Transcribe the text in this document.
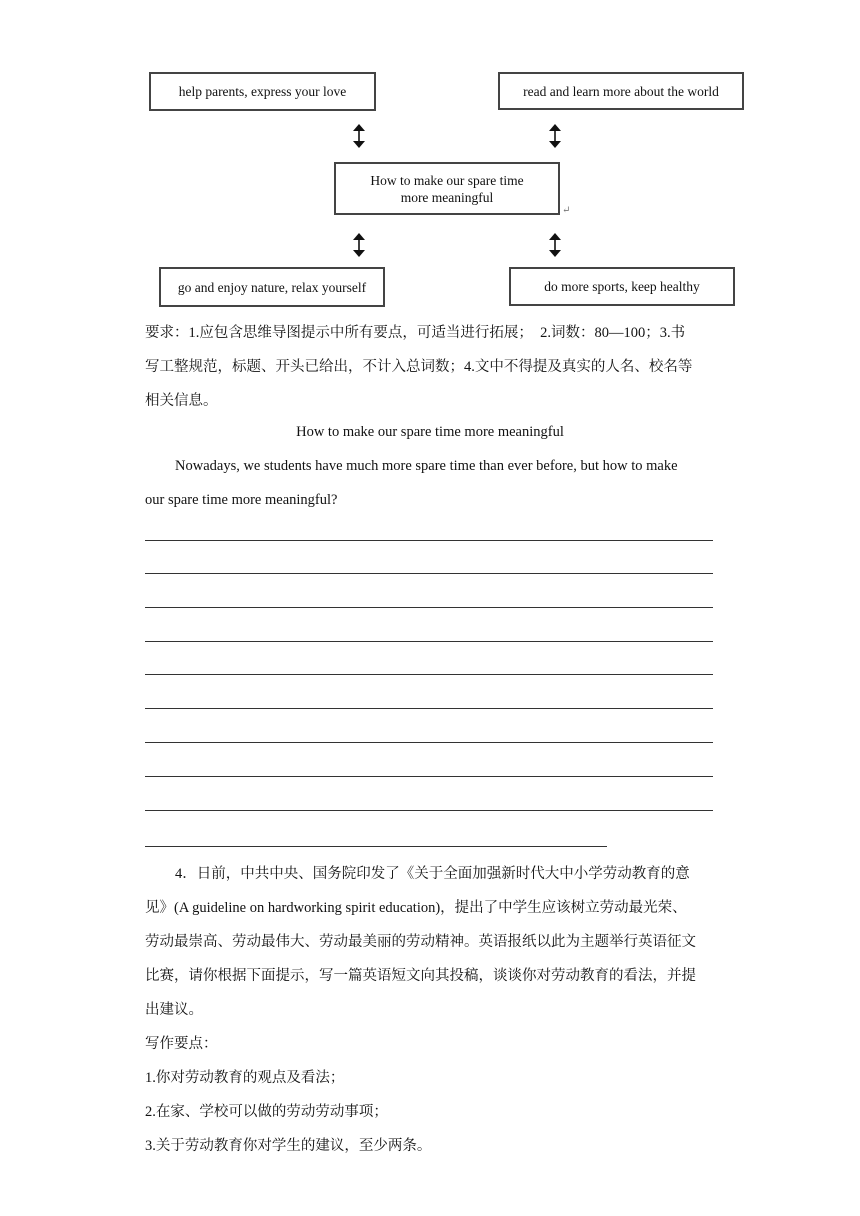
help parents, express your love	read and learn more about the world
How to make our spare time
more meaningful
↵
go and enjoy nature, relax yourself	do more sports, keep healthy
要求：1.应包含思维导图提示中所有要点，可适当进行拓展；　2.词数：80—100；3.书
写工整规范，标题、开头已给出，不计入总词数；4.文中不得提及真实的人名、校名等
相关信息。
How to make our spare time more meaningful
Nowadays, we students have much more spare time than ever before, but how to make
our spare time more meaningful?
4．日前，中共中央、国务院印发了《关于全面加强新时代大中小学劳动教育的意
见》(A guideline on hardworking spirit education)，提出了中学生应该树立劳动最光荣、
劳动最崇高、劳动最伟大、劳动最美丽的劳动精神。英语报纸以此为主题举行英语征文
比赛，请你根据下面提示，写一篇英语短文向其投稿，谈谈你对劳动教育的看法，并提
出建议。
写作要点：
1.你对劳动教育的观点及看法；
2.在家、学校可以做的劳动劳动事项；
3.关于劳动教育你对学生的建议，至少两条。
